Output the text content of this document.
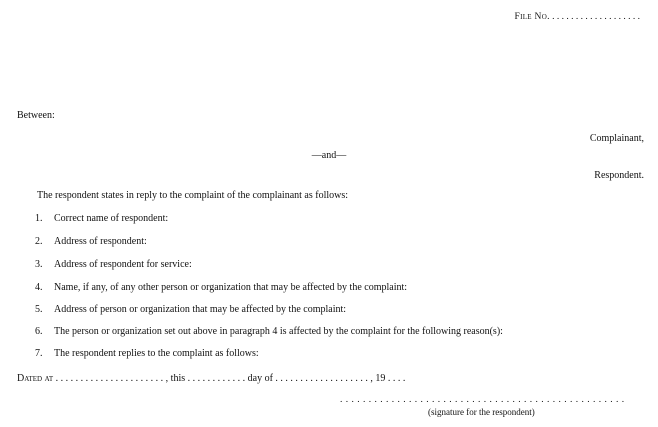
File No. . . . . . . . . . . . . . . . . . . .
Between:
Complainant,
—and—
Respondent.
The respondent states in reply to the complaint of the complainant as follows:
1. Correct name of respondent:
2. Address of respondent:
3. Address of respondent for service:
4. Name, if any, of any other person or organization that may be affected by the complaint:
5. Address of person or organization that may be affected by the complaint:
6. The person or organization set out above in paragraph 4 is affected by the complaint for the following reason(s):
7. The respondent replies to the complaint as follows:
Dated at . . . . . . . . . . . . . . . . . . . . . . , this . . . . . . . . . . . . day of . . . . . . . . . . . . . . . . . . . , 19 . . . .
. . . . . . . . . . . . . . . . . . . . . . . . . . . . . . . . . . . . . . . . . . . . . . . . . .
(signature for the respondent)
